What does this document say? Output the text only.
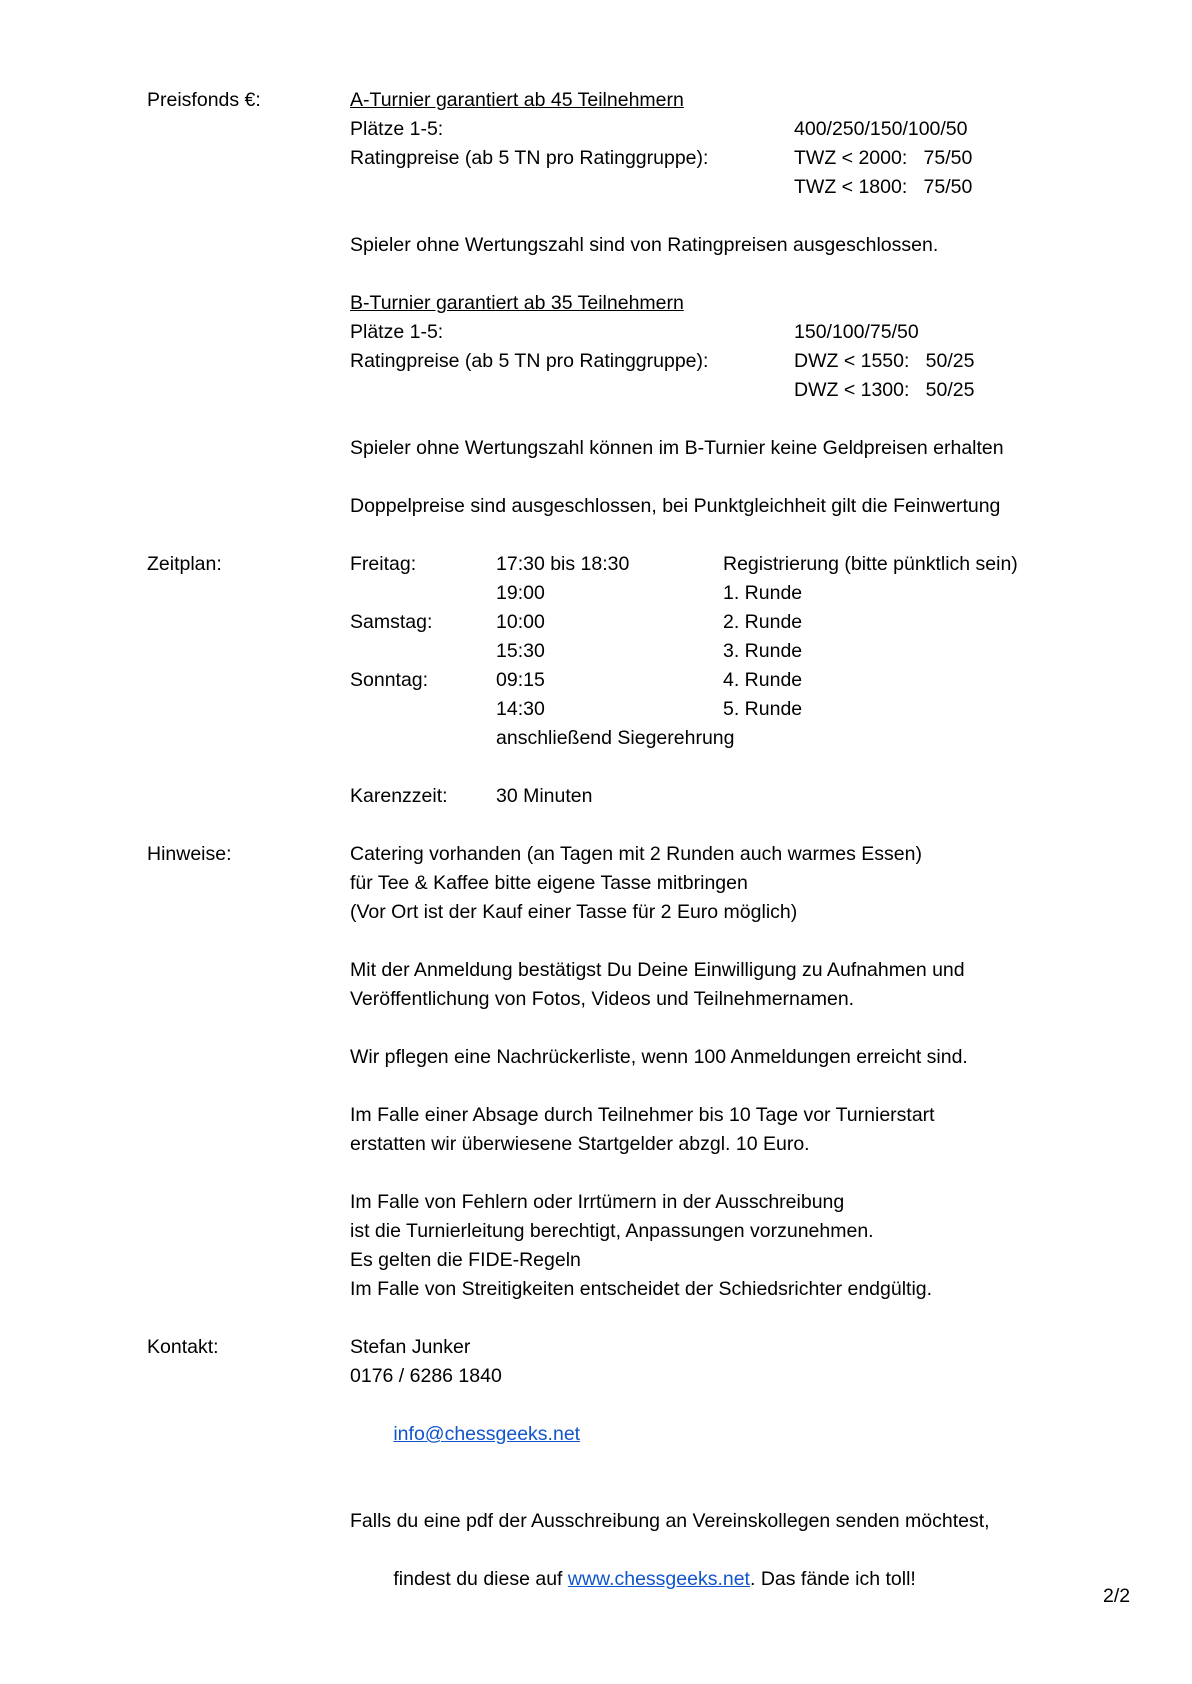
Preisfonds €:	A-Turnier garantiert ab 45 Teilnehmern
Plätze 1-5:	400/250/150/100/50
Ratingpreise (ab 5 TN pro Ratinggruppe):	TWZ < 2000:   75/50
TWZ < 1800:   75/50
Spieler ohne Wertungszahl sind von Ratingpreisen ausgeschlossen.
B-Turnier garantiert ab 35 Teilnehmern
Plätze 1-5:	150/100/75/50
Ratingpreise (ab 5 TN pro Ratinggruppe):	DWZ < 1550:   50/25
DWZ < 1300:   50/25
Spieler ohne Wertungszahl können im B-Turnier keine Geldpreisen erhalten
Doppelpreise sind ausgeschlossen, bei Punktgleichheit gilt die Feinwertung
Zeitplan:	Freitag:	17:30 bis 18:30	Registrierung (bitte pünktlich sein)
19:00	1. Runde
Samstag:	10:00	2. Runde
15:30	3. Runde
Sonntag:	09:15	4. Runde
14:30	5. Runde
anschließend Siegerehrung
Karenzzeit:	30 Minuten
Hinweise:	Catering vorhanden (an Tagen mit 2 Runden auch warmes Essen)
für Tee & Kaffee bitte eigene Tasse mitbringen
(Vor Ort ist der Kauf einer Tasse für 2 Euro möglich)
Mit der Anmeldung bestätigst Du Deine Einwilligung zu Aufnahmen und
Veröffentlichung von Fotos, Videos und Teilnehmernamen.
Wir pflegen eine Nachrückerliste, wenn 100 Anmeldungen erreicht sind.
Im Falle einer Absage durch Teilnehmer bis 10 Tage vor Turnierstart
erstatten wir überwiesene Startgelder abzgl. 10 Euro.
Im Falle von Fehlern oder Irrtümern in der Ausschreibung
ist die Turnierleitung berechtigt, Anpassungen vorzunehmen.
Es gelten die FIDE-Regeln
Im Falle von Streitigkeiten entscheidet der Schiedsrichter endgültig.
Kontakt:	Stefan Junker
0176 / 6286 1840

info@chessgeeks.net

Falls du eine pdf der Ausschreibung an Vereinskollegen senden möchtest,

findest du diese auf www.chessgeeks.net. Das fände ich toll!

2/2
